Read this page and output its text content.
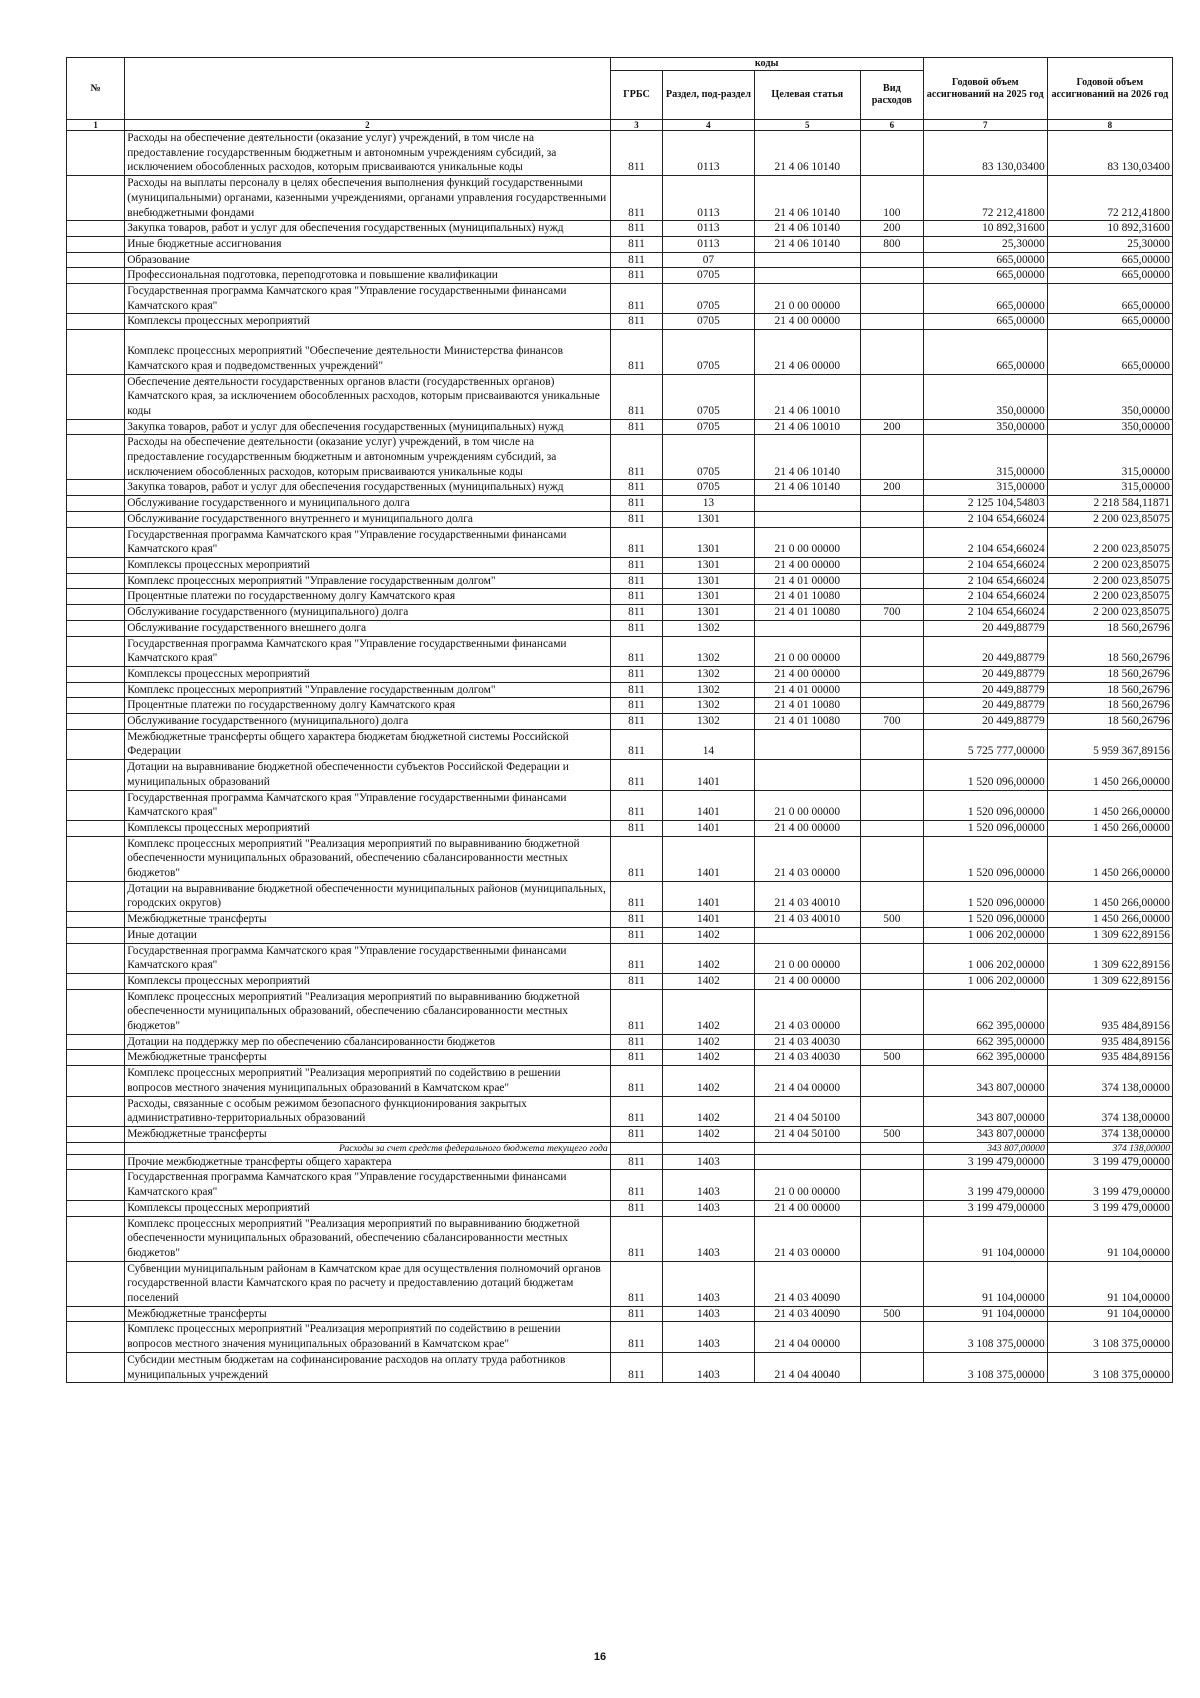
№		коды				Годовой объем ассигнований на 2025 год	Годовой объем ассигнований на 2026 год
		ГРБС	Раздел, под-раздел	Целевая статья	Вид расходов		
1	2	3	4	5	6	7	8
	Расходы на обеспечение деятельности (оказание услуг) учреждений, в том числе на предоставление государственным бюджетным и автономным учреждениям субсидий, за исключением обособленных расходов, которым присваиваются уникальные коды	811	0113	21 4 06 10140		83 130,03400	83 130,03400
	Расходы на выплаты персоналу в целях обеспечения выполнения функций государственными (муниципальными) органами, казенными учреждениями, органами управления государственными внебюджетными фондами	811	0113	21 4 06 10140	100	72 212,41800	72 212,41800
	Закупка товаров, работ и услуг для обеспечения государственных (муниципальных) нужд	811	0113	21 4 06 10140	200	10 892,31600	10 892,31600
	Иные бюджетные ассигнования	811	0113	21 4 06 10140	800	25,30000	25,30000
	Образование	811	07			665,00000	665,00000
	Профессиональная подготовка, переподготовка и повышение квалификации	811	0705			665,00000	665,00000
	Государственная программа Камчатского края "Управление государственными финансами Камчатского края"	811	0705	21 0 00 00000		665,00000	665,00000
	Комплексы процессных мероприятий	811	0705	21 4 00 00000		665,00000	665,00000
	Комплекс процессных мероприятий "Обеспечение деятельности Министерства финансов Камчатского края и подведомственных учреждений"	811	0705	21 4 06 00000		665,00000	665,00000
	Обеспечение деятельности государственных органов власти (государственных органов) Камчатского края, за исключением обособленных расходов, которым присваиваются уникальные коды	811	0705	21 4 06 10010		350,00000	350,00000
	Закупка товаров, работ и услуг для обеспечения государственных (муниципальных) нужд	811	0705	21 4 06 10010	200	350,00000	350,00000
	Расходы на обеспечение деятельности (оказание услуг) учреждений, в том числе на предоставление государственным бюджетным и автономным учреждениям субсидий, за исключением обособленных расходов, которым присваиваются уникальные коды	811	0705	21 4 06 10140		315,00000	315,00000
	Закупка товаров, работ и услуг для обеспечения государственных (муниципальных) нужд	811	0705	21 4 06 10140	200	315,00000	315,00000
	Обслуживание государственного и муниципального долга	811	13			2 125 104,54803	2 218 584,11871
	Обслуживание государственного внутреннего и муниципального долга	811	1301			2 104 654,66024	2 200 023,85075
	Государственная программа Камчатского края "Управление государственными финансами Камчатского края"	811	1301	21 0 00 00000		2 104 654,66024	2 200 023,85075
	Комплексы процессных мероприятий	811	1301	21 4 00 00000		2 104 654,66024	2 200 023,85075
	Комплекс процессных мероприятий "Управление государственным долгом"	811	1301	21 4 01 00000		2 104 654,66024	2 200 023,85075
	Процентные платежи по государственному долгу Камчатского края	811	1301	21 4 01 10080		2 104 654,66024	2 200 023,85075
	Обслуживание государственного (муниципального) долга	811	1301	21 4 01 10080	700	2 104 654,66024	2 200 023,85075
	Обслуживание государственного внешнего долга	811	1302			20 449,88779	18 560,26796
	Государственная программа Камчатского края "Управление государственными финансами Камчатского края"	811	1302	21 0 00 00000		20 449,88779	18 560,26796
	Комплексы процессных мероприятий	811	1302	21 4 00 00000		20 449,88779	18 560,26796
	Комплекс процессных мероприятий "Управление государственным долгом"	811	1302	21 4 01 00000		20 449,88779	18 560,26796
	Процентные платежи по государственному долгу Камчатского края	811	1302	21 4 01 10080		20 449,88779	18 560,26796
	Обслуживание государственного (муниципального) долга	811	1302	21 4 01 10080	700	20 449,88779	18 560,26796
	Межбюджетные трансферты общего характера бюджетам бюджетной системы Российской Федерации	811	14			5 725 777,00000	5 959 367,89156
	Дотации на выравнивание бюджетной обеспеченности субъектов Российской Федерации и муниципальных образований	811	1401			1 520 096,00000	1 450 266,00000
	Государственная программа Камчатского края "Управление государственными финансами Камчатского края"	811	1401	21 0 00 00000		1 520 096,00000	1 450 266,00000
	Комплексы процессных мероприятий	811	1401	21 4 00 00000		1 520 096,00000	1 450 266,00000
	Комплекс процессных мероприятий "Реализация мероприятий по выравниванию бюджетной обеспеченности муниципальных образований, обеспечению сбалансированности местных бюджетов"	811	1401	21 4 03 00000		1 520 096,00000	1 450 266,00000
	Дотации на выравнивание бюджетной обеспеченности муниципальных районов (муниципальных, городских округов)	811	1401	21 4 03 40010		1 520 096,00000	1 450 266,00000
	Межбюджетные трансферты	811	1401	21 4 03 40010	500	1 520 096,00000	1 450 266,00000
	Иные дотации	811	1402			1 006 202,00000	1 309 622,89156
	Государственная программа Камчатского края "Управление государственными финансами Камчатского края"	811	1402	21 0 00 00000		1 006 202,00000	1 309 622,89156
	Комплексы процессных мероприятий	811	1402	21 4 00 00000		1 006 202,00000	1 309 622,89156
	Комплекс процессных мероприятий "Реализация мероприятий по выравниванию бюджетной обеспеченности муниципальных образований, обеспечению сбалансированности местных бюджетов"	811	1402	21 4 03 00000		662 395,00000	935 484,89156
	Дотации на поддержку мер по обеспечению сбалансированности бюджетов	811	1402	21 4 03 40030		662 395,00000	935 484,89156
	Межбюджетные трансферты	811	1402	21 4 03 40030	500	662 395,00000	935 484,89156
	Комплекс процессных мероприятий "Реализация мероприятий по содействию в решении вопросов местного значения муниципальных образований в Камчатском крае"	811	1402	21 4 04 00000		343 807,00000	374 138,00000
	Расходы, связанные с особым режимом безопасного функционирования закрытых административно-территориальных образований	811	1402	21 4 04 50100		343 807,00000	374 138,00000
	Межбюджетные трансферты	811	1402	21 4 04 50100	500	343 807,00000	374 138,00000
	Расходы за счет средств федерального бюджета текущего года					343 807,00000	374 138,00000
	Прочие межбюджетные трансферты общего характера	811	1403			3 199 479,00000	3 199 479,00000
	Государственная программа Камчатского края "Управление государственными финансами Камчатского края"	811	1403	21 0 00 00000		3 199 479,00000	3 199 479,00000
	Комплексы процессных мероприятий	811	1403	21 4 00 00000		3 199 479,00000	3 199 479,00000
	Комплекс процессных мероприятий "Реализация мероприятий по выравниванию бюджетной обеспеченности муниципальных образований, обеспечению сбалансированности местных бюджетов"	811	1403	21 4 03 00000		91 104,00000	91 104,00000
	Субвенции муниципальным районам в Камчатском крае для осуществления полномочий органов государственной власти Камчатского края по расчету и предоставлению дотаций бюджетам поселений	811	1403	21 4 03 40090		91 104,00000	91 104,00000
	Межбюджетные трансферты	811	1403	21 4 03 40090	500	91 104,00000	91 104,00000
	Комплекс процессных мероприятий "Реализация мероприятий по содействию в решении вопросов местного значения муниципальных образований в Камчатском крае"	811	1403	21 4 04 00000		3 108 375,00000	3 108 375,00000
	Субсидии местным бюджетам на софинансирование расходов на оплату труда работников муниципальных учреждений	811	1403	21 4 04 40040		3 108 375,00000	3 108 375,00000
16
